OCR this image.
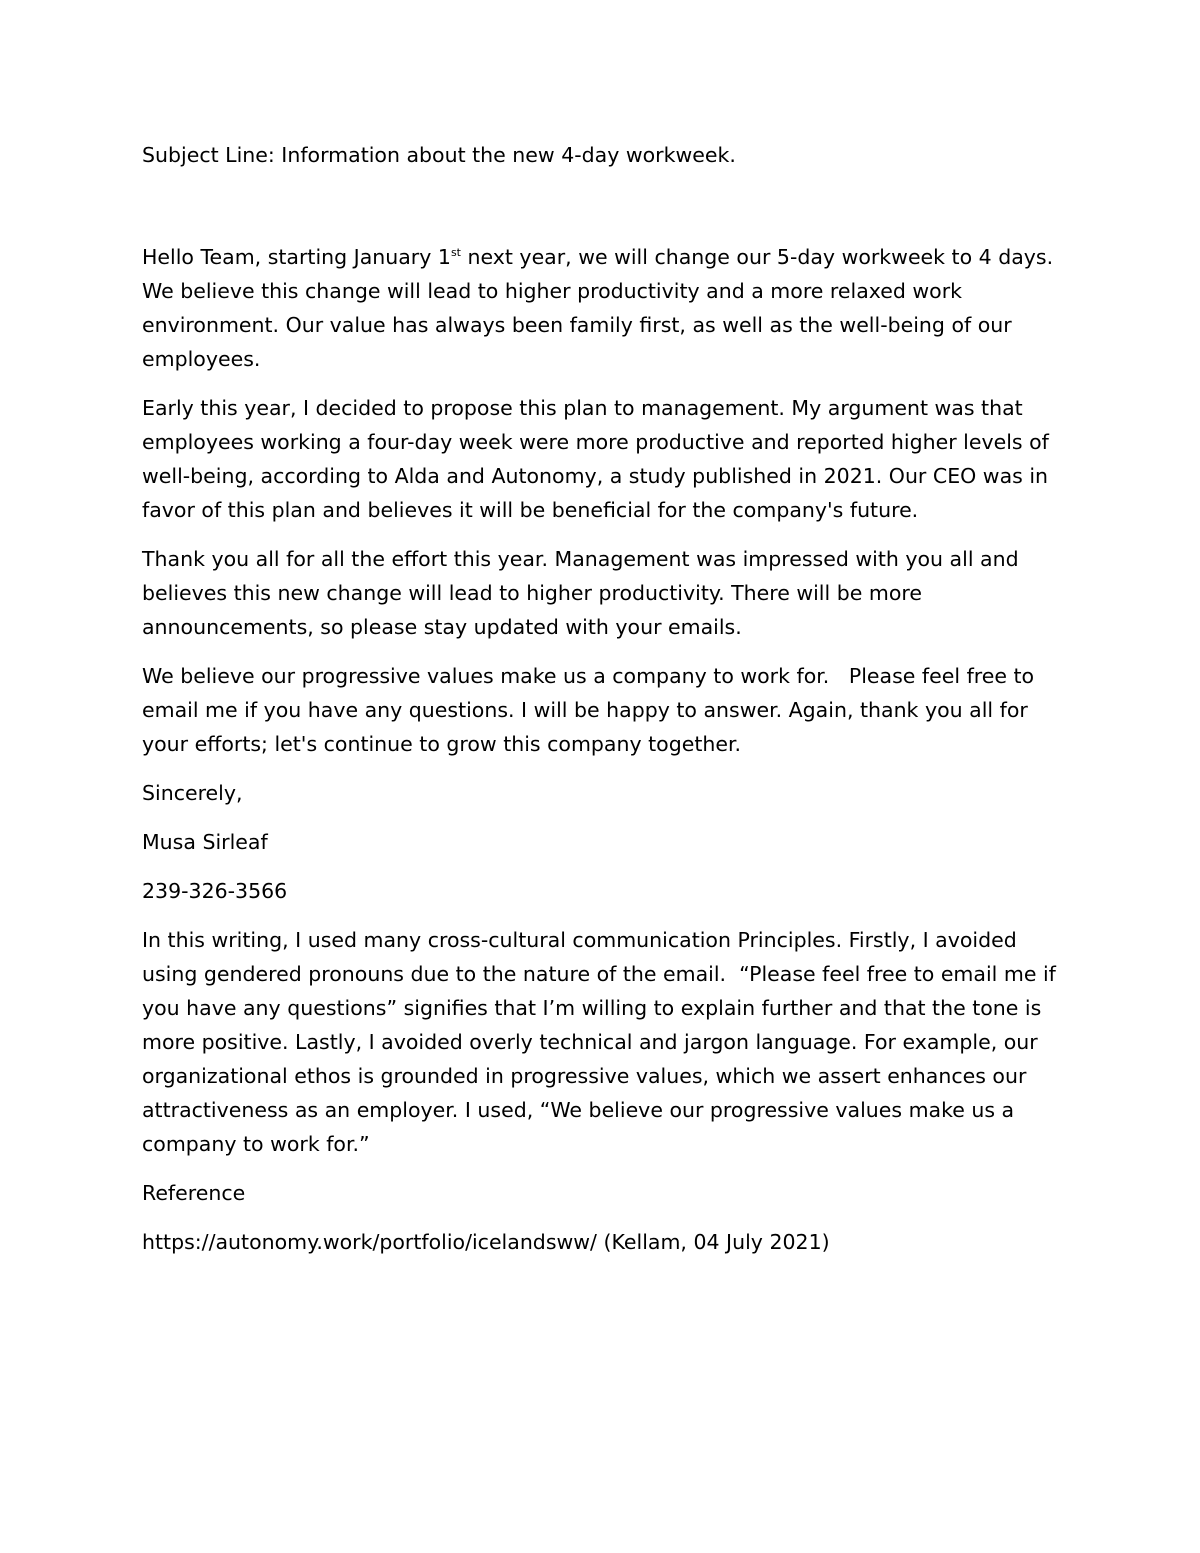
Subject Line: Information about the new 4-day workweek.

Hello Team, starting January 1st next year, we will change our 5-day workweek to 4 days. We believe this change will lead to higher productivity and a more relaxed work environment. Our value has always been family first, as well as the well-being of our employees.

Early this year, I decided to propose this plan to management. My argument was that employees working a four-day week were more productive and reported higher levels of well-being, according to Alda and Autonomy, a study published in 2021. Our CEO was in favor of this plan and believes it will be beneficial for the company's future.

Thank you all for all the effort this year. Management was impressed with you all and believes this new change will lead to higher productivity. There will be more announcements, so please stay updated with your emails.

We believe our progressive values make us a company to work for.   Please feel free to email me if you have any questions. I will be happy to answer. Again, thank you all for your efforts; let's continue to grow this company together.

Sincerely,

Musa Sirleaf

239-326-3566

In this writing, I used many cross-cultural communication Principles. Firstly, I avoided using gendered pronouns due to the nature of the email.  “Please feel free to email me if you have any questions” signifies that I’m willing to explain further and that the tone is more positive. Lastly, I avoided overly technical and jargon language. For example, our organizational ethos is grounded in progressive values, which we assert enhances our attractiveness as an employer. I used, “We believe our progressive values make us a company to work for.”

Reference

https://autonomy.work/portfolio/icelandsww/ (Kellam, 04 July 2021)
